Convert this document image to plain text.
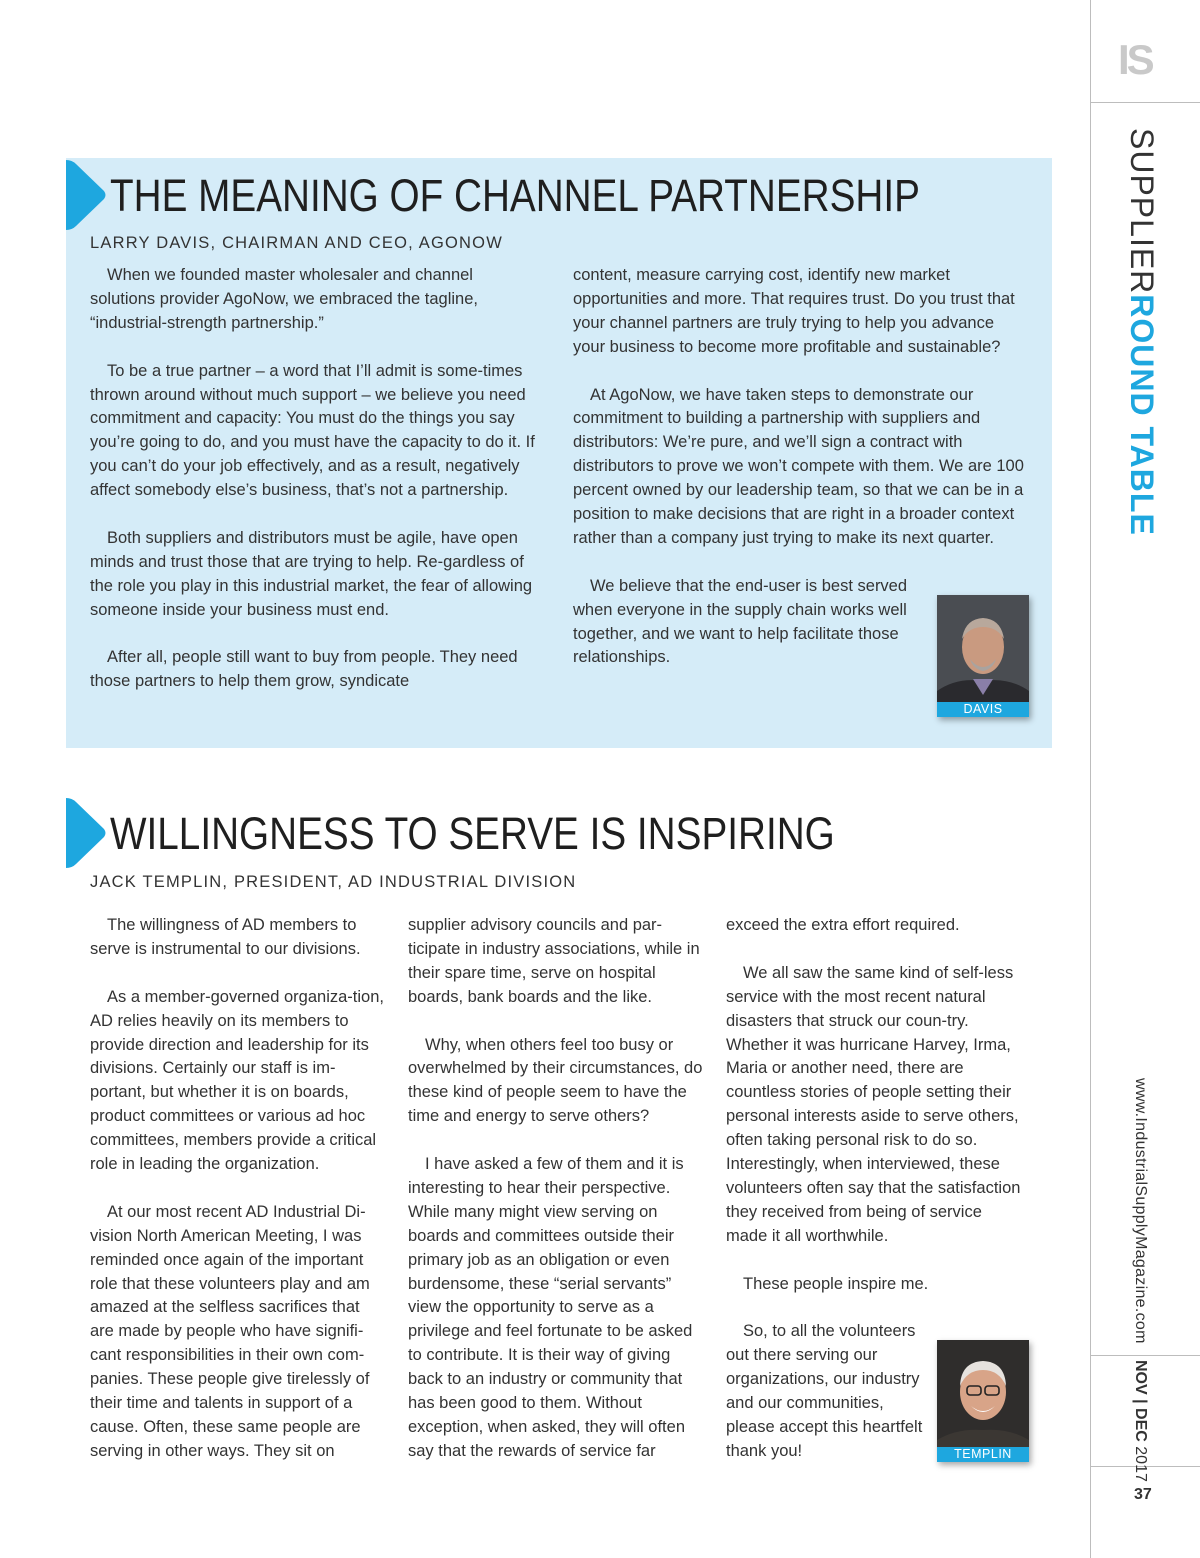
IS
SUPPLIERROUND TABLE
www.IndustrialSupplyMagazine.com
NOV | DEC 2017
37
THE MEANING OF CHANNEL PARTNERSHIP
LARRY DAVIS, CHAIRMAN AND CEO, AGONOW

When we founded master wholesaler and channel solutions provider AgoNow, we embraced the tagline, “industrial-strength partnership.”

To be a true partner – a word that I’ll admit is some-times thrown around without much support – we believe you need commitment and capacity: You must do the things you say you’re going to do, and you must have the capacity to do it. If you can’t do your job effectively, and as a result, negatively affect somebody else’s business, that’s not a partnership.

Both suppliers and distributors must be agile, have open minds and trust those that are trying to help. Re-gardless of the role you play in this industrial market, the fear of allowing someone inside your business must end.

After all, people still want to buy from people. They need those partners to help them grow, syndicate

content, measure carrying cost, identify new market opportunities and more. That requires trust. Do you trust that your channel partners are truly trying to help you advance your business to become more profitable and sustainable?

At AgoNow, we have taken steps to demonstrate our commitment to building a partnership with suppliers and distributors: We’re pure, and we’ll sign a contract with distributors to prove we won’t compete with them. We are 100 percent owned by our leadership team, so that we can be in a position to make decisions that are right in a broader context rather than a company just trying to make its next quarter.

We believe that the end-user is best served when everyone in the supply chain works well together, and we want to help facilitate those relationships.

DAVIS
WILLINGNESS TO SERVE IS INSPIRING
JACK TEMPLIN, PRESIDENT, AD INDUSTRIAL DIVISION

The willingness of AD members to serve is instrumental to our divisions.

As a member-governed organiza-tion, AD relies heavily on its members to provide direction and leadership for its divisions. Certainly our staff is im-portant, but whether it is on boards, product committees or various ad hoc committees, members provide a critical role in leading the organization.

At our most recent AD Industrial Di-vision North American Meeting, I was reminded once again of the important role that these volunteers play and am amazed at the selfless sacrifices that are made by people who have signifi-cant responsibilities in their own com-panies. These people give tirelessly of their time and talents in support of a cause. Often, these same people are serving in other ways. They sit on

supplier advisory councils and par-ticipate in industry associations, while in their spare time, serve on hospital boards, bank boards and the like.

Why, when others feel too busy or overwhelmed by their circumstances, do these kind of people seem to have the time and energy to serve others?

I have asked a few of them and it is interesting to hear their perspective. While many might view serving on boards and committees outside their primary job as an obligation or even burdensome, these “serial servants” view the opportunity to serve as a privilege and feel fortunate to be asked to contribute. It is their way of giving back to an industry or community that has been good to them. Without exception, when asked, they will often say that the rewards of service far

exceed the extra effort required.

We all saw the same kind of self-less service with the most recent natural disasters that struck our coun-try. Whether it was hurricane Harvey, Irma, Maria or another need, there are countless stories of people setting their personal interests aside to serve others, often taking personal risk to do so. Interestingly, when interviewed, these volunteers often say that the satisfaction they received from being of service made it all worthwhile.

These people inspire me.

So, to all the volunteers out there serving our organizations, our industry and our communities, please accept this heartfelt thank you!	TEMPLIN
